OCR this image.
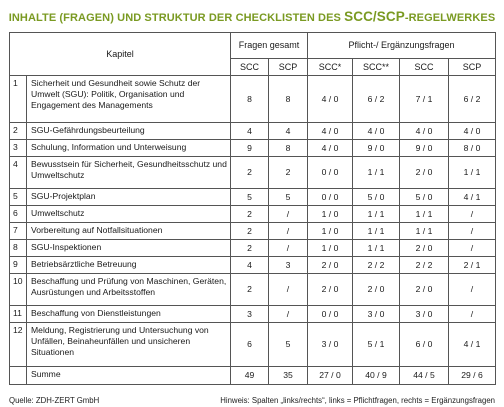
INHALTE (FRAGEN) UND STRUKTUR DER CHECKLISTEN DES SCC/SCP-REGELWERKES
Kapitel		Fragen gesamt		Pflicht-/ Ergänzungsfragen			
		SCC	SCP	SCC*	SCC**	SCC	SCP
1	Sicherheit und Gesundheit sowie Schutz der Umwelt (SGU): Politik, Organisation und Engagement des Managements	8	8	4 / 0	6 / 2	7 / 1	6 / 2
2	SGU-Gefährdungsbeurteilung	4	4	4 / 0	4 / 0	4 / 0	4 / 0
3	Schulung, Information und Unterweisung	9	8	4 / 0	9 / 0	9 / 0	8 / 0
4	Bewusstsein für Sicherheit, Gesundheitsschutz und Umweltschutz	2	2	0 / 0	1 / 1	2 / 0	1 / 1
5	SGU-Projektplan	5	5	0 / 0	5 / 0	5 / 0	4 / 1
6	Umweltschutz	2	/	1 / 0	1 / 1	1 / 1	/
7	Vorbereitung auf Notfallsituationen	2	/	1 / 0	1 / 1	1 / 1	/
8	SGU-Inspektionen	2	/	1 / 0	1 / 1	2 / 0	/
9	Betriebsärztliche Betreuung	4	3	2 / 0	2 / 2	2 / 2	2 / 1
10	Beschaffung und Prüfung von Maschinen, Geräten, Ausrüstungen und Arbeitsstoffen	2	/	2 / 0	2 / 0	2 / 0	/
11	Beschaffung von Dienstleistungen	3	/	0 / 0	3 / 0	3 / 0	/
12	Meldung, Registrierung und Untersuchung von Unfällen, Beinaheunfällen und unsicheren Situationen	6	5	3 / 0	5 / 1	6 / 0	4 / 1
	Summe	49	35	27 / 0	40 / 9	44 / 5	29 / 6
Quelle: ZDH-ZERT GmbH	Hinweis: Spalten „links/rechts“, links = Pflichtfragen, rechts = Ergänzungsfragen
